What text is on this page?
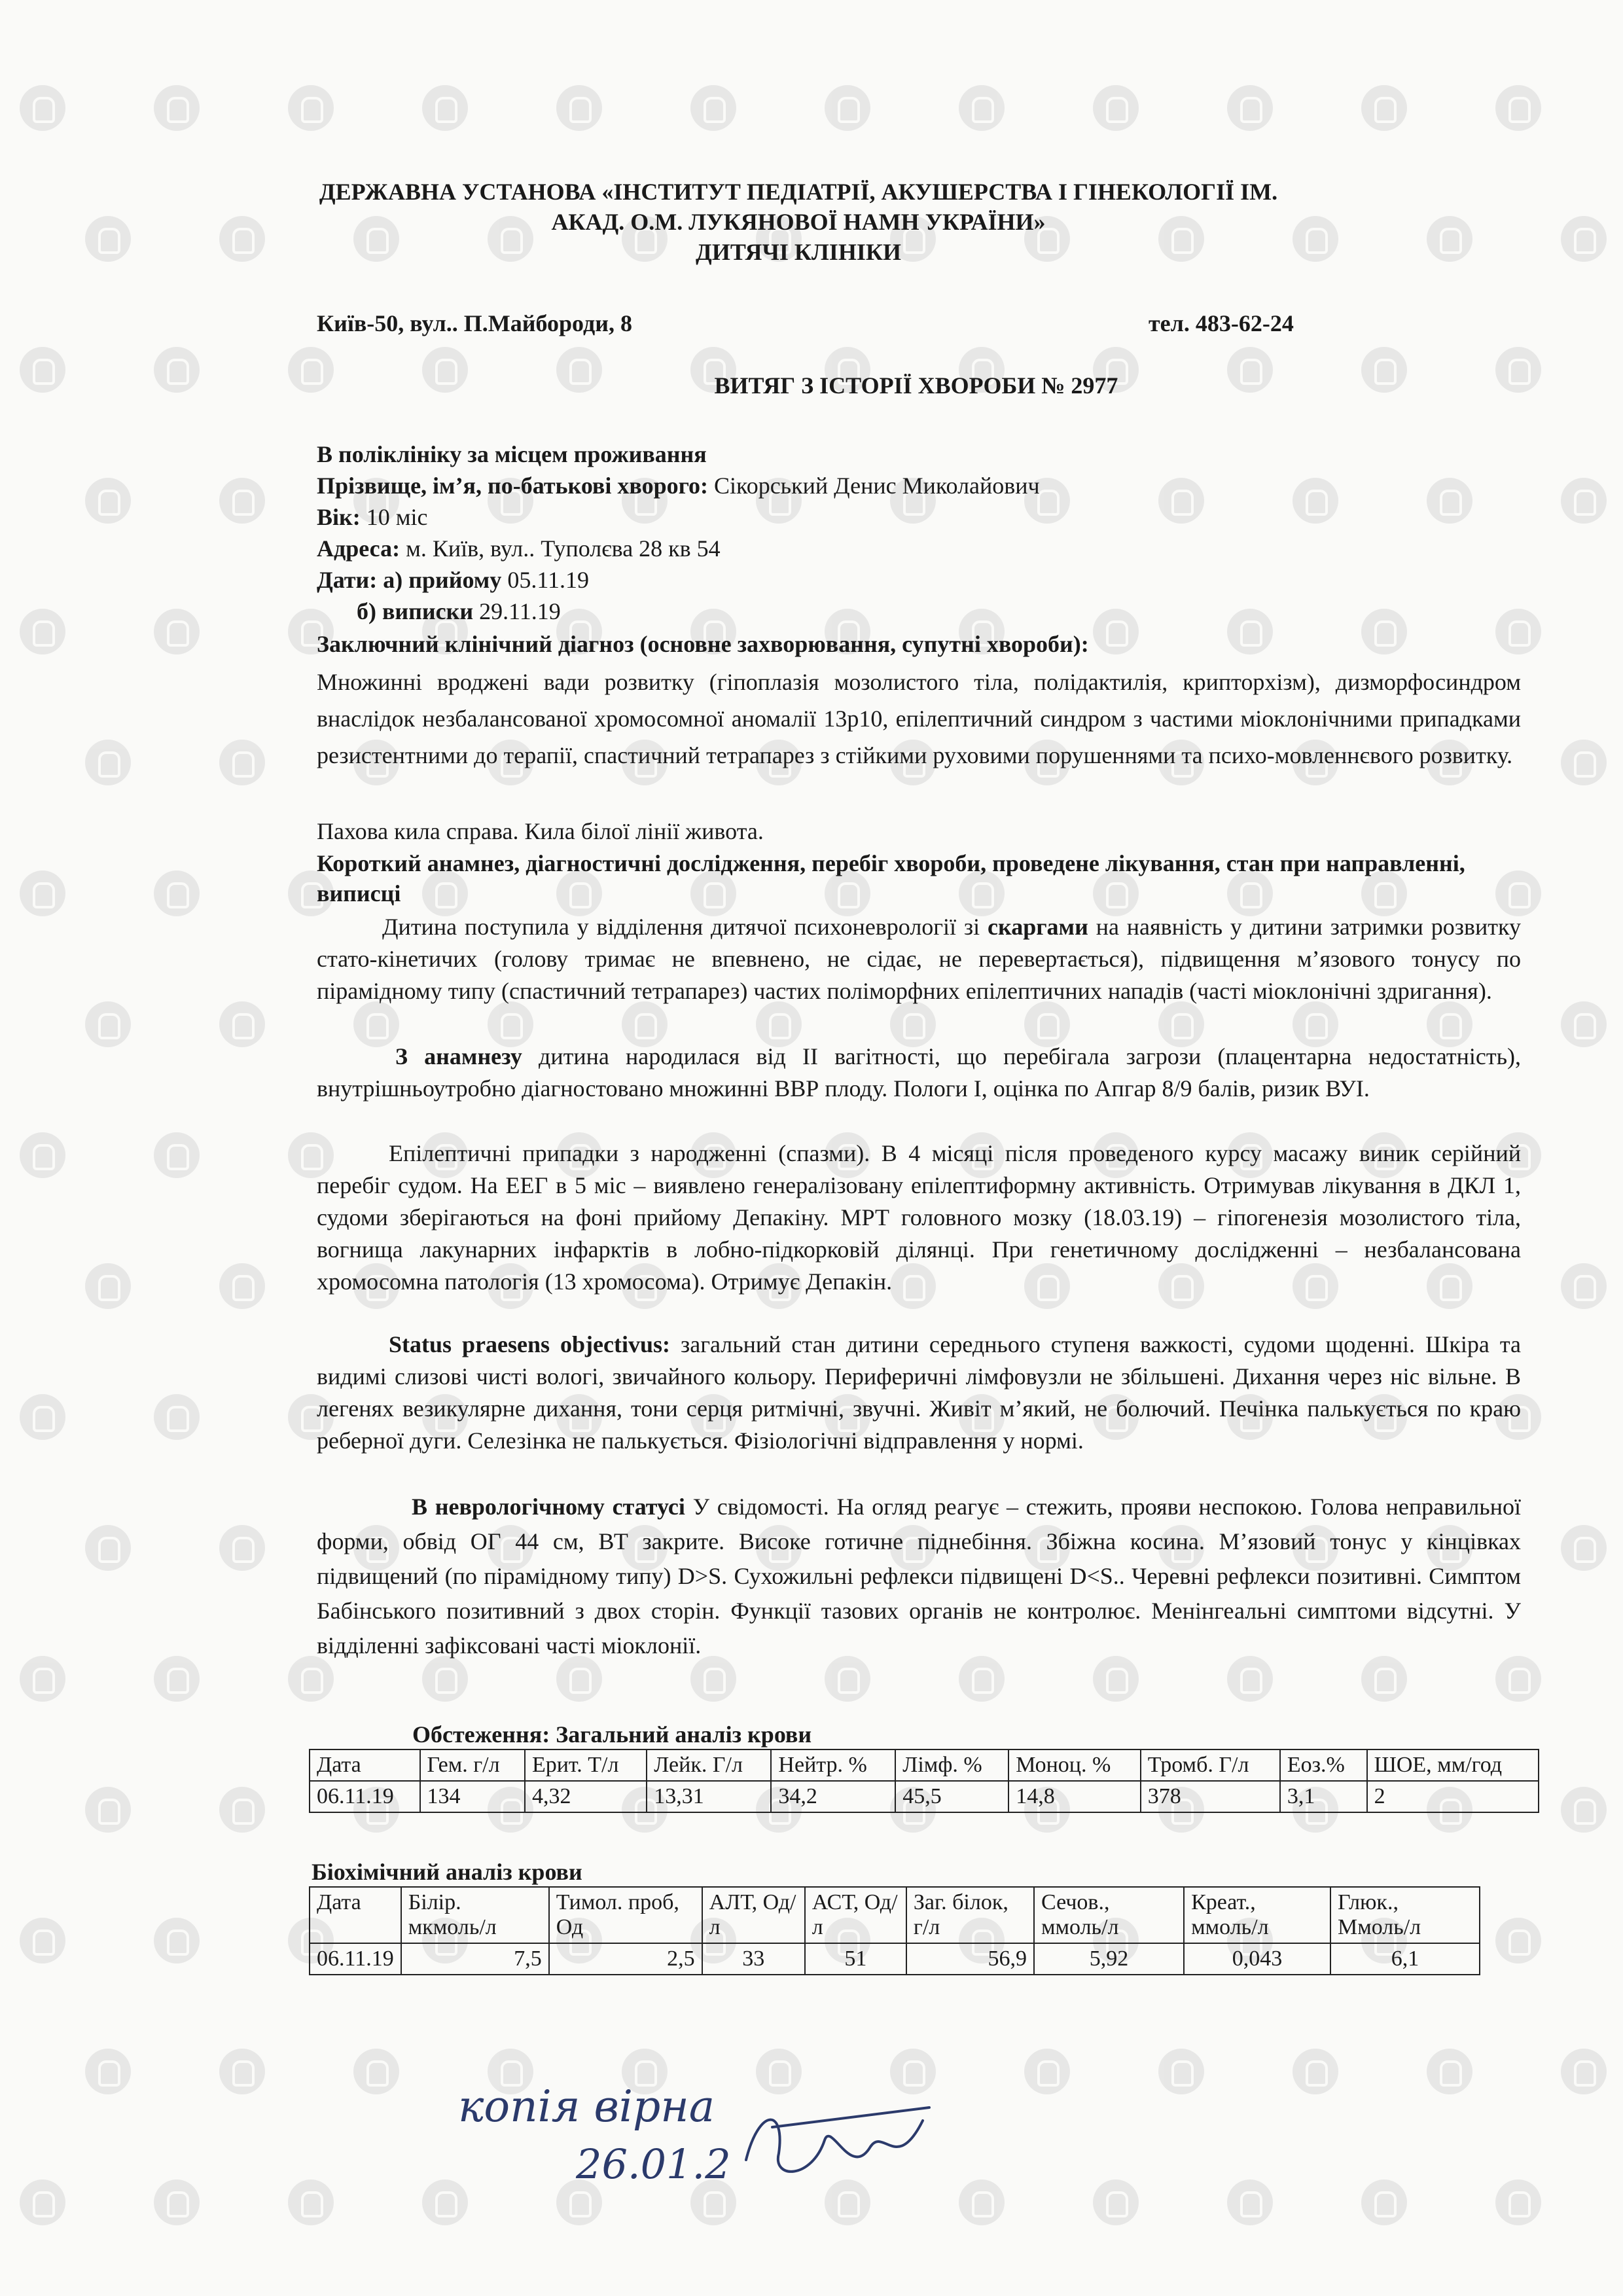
ДЕРЖАВНА УСТАНОВА «ІНСТИТУТ ПЕДІАТРІЇ, АКУШЕРСТВА І ГІНЕКОЛОГІЇ ІМ.
АКАД. О.М. ЛУКЯНОВОЇ НАМН УКРАЇНИ»
ДИТЯЧІ КЛІНІКИ
Київ-50, вул.. П.Майбороди, 8	тел. 483-62-24
ВИТЯГ З ІСТОРІЇ ХВОРОБИ № 2977
В поліклініку за місцем проживання
Прізвище, ім’я, по-батькові хворого: Сікорський Денис Миколайович
Вік: 10 міс
Адреса: м. Київ, вул.. Туполєва 28 кв 54
Дати: а) прийому 05.11.19
б) виписки 29.11.19
Заключний клінічний діагноз (основне захворювання, супутні хвороби):
Множинні вроджені вади розвитку (гіпоплазія мозолистого тіла, полідактилія, крипторхізм), дизморфосиндром внаслідок незбалансованої хромосомної аномалії 13р10, епілептичний синдром з частими міоклонічними припадками резистентними до терапії, спастичний тетрапарез з стійкими руховими порушеннями та психо-мовленнєвого розвитку.
Пахова кила справа. Кила білої лінії живота.
Короткий анамнез, діагностичні дослідження, перебіг хвороби, проведене лікування, стан при направленні, виписці
Дитина поступила у відділення дитячої психоневрології зі скаргами на наявність у дитини затримки розвитку стато-кінетичих (голову тримає не впевнено, не сідає, не перевертається), підвищення м’язового тонусу по пірамідному типу (спастичний тетрапарез) частих поліморфних епілептичних нападів (часті міоклонічні здригання).
З анамнезу дитина народилася від II вагітності, що перебігала загрози (плацентарна недостатність), внутрішньоутробно діагностовано множинні ВВР плоду. Пологи I, оцінка по Апгар 8/9 балів, ризик ВУІ.
Епілептичні припадки з народженні (спазми). В 4 місяці після проведеного курсу масажу виник серійний перебіг судом. На ЕЕГ в 5 міс – виявлено генералізовану епілептиформну активність. Отримував лікування в ДКЛ 1, судоми зберігаються на фоні прийому Депакіну. МРТ головного мозку (18.03.19) – гіпогенезія мозолистого тіла, вогнища лакунарних інфарктів в лобно-підкорковій ділянці. При генетичному дослідженні – незбалансована хромосомна патологія (13 хромосома). Отримує Депакін.
Status praesens objectivus: загальний стан дитини середнього ступеня важкості, судоми щоденні. Шкіра та видимі слизові чисті вологі, звичайного кольору. Периферичні лімфовузли не збільшені. Дихання через ніс вільне. В легенях везикулярне дихання, тони серця ритмічні, звучні. Живіт м’який, не болючий. Печінка палькується по краю реберної дуги. Селезінка не палькується. Фізіологічні відправлення у нормі.
В неврологічному статусі У свідомості. На огляд реагує – стежить, прояви неспокою. Голова неправильної форми, обвід ОГ 44 см, ВТ закрите. Високе готичне піднебіння. Збіжна косина. М’язовий тонус у кінцівках підвищений (по пірамідному типу) D>S. Сухожильні рефлекси підвищені D<S.. Черевні рефлекси позитивні. Симптом Бабінського позитивний з двох сторін. Функції тазових органів не контролює. Менінгеальні симптоми відсутні. У відділенні зафіксовані часті міоклонії.
Обстеження: Загальний аналіз крови
Дата	Гем. г/л	Ерит. Т/л	Лейк. Г/л	Нейтр. %	Лімф. %	Моноц. %	Тромб. Г/л	Еоз.%	ШОЕ, мм/год
06.11.19	134	4,32	13,31	34,2	45,5	14,8	378	3,1	2
Біохімічний аналіз крови
Дата	Білір. мкмоль/л	Тимол. проб, Од	АЛТ, Од/л	АСТ, Од/л	Заг. білок, г/л	Сечов., ммоль/л	Креат., ммоль/л	Глюк., Ммоль/л
06.11.19	7,5	2,5	33	51	56,9	5,92	0,043	6,1
копія вірна
26.01.2
